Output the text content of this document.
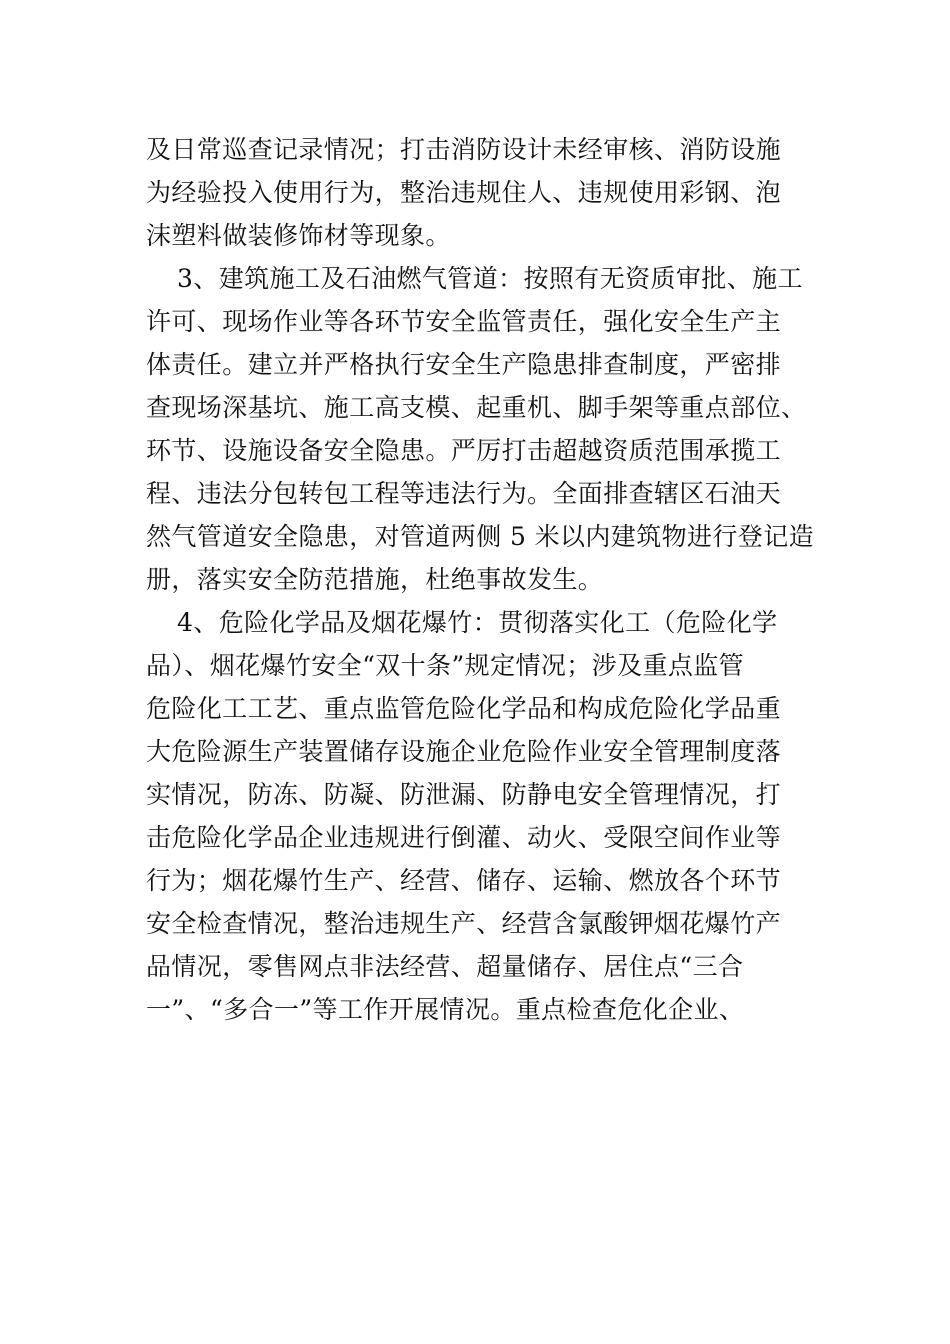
及日常巡查记录情况；打击消防设计未经审核、消防设施
为经验投入使用行为，整治违规住人、违规使用彩钢、泡
沫塑料做装修饰材等现象。
3、建筑施工及石油燃气管道：按照有无资质审批、施工
许可、现场作业等各环节安全监管责任，强化安全生产主
体责任。建立并严格执行安全生产隐患排查制度，严密排
查现场深基坑、施工高支模、起重机、脚手架等重点部位、
环节、设施设备安全隐患。严厉打击超越资质范围承揽工
程、违法分包转包工程等违法行为。全面排查辖区石油天
然气管道安全隐患，对管道两侧 5 米以内建筑物进行登记造
册，落实安全防范措施，杜绝事故发生。
4、危险化学品及烟花爆竹：贯彻落实化工（危险化学
品）、烟花爆竹安全“双十条”规定情况；涉及重点监管
危险化工工艺、重点监管危险化学品和构成危险化学品重
大危险源生产装置储存设施企业危险作业安全管理制度落
实情况，防冻、防凝、防泄漏、防静电安全管理情况，打
击危险化学品企业违规进行倒灌、动火、受限空间作业等
行为；烟花爆竹生产、经营、储存、运输、燃放各个环节
安全检查情况，整治违规生产、经营含氯酸钾烟花爆竹产
品情况，零售网点非法经营、超量储存、居住点“三合
一”、“多合一”等工作开展情况。重点检查危化企业、
